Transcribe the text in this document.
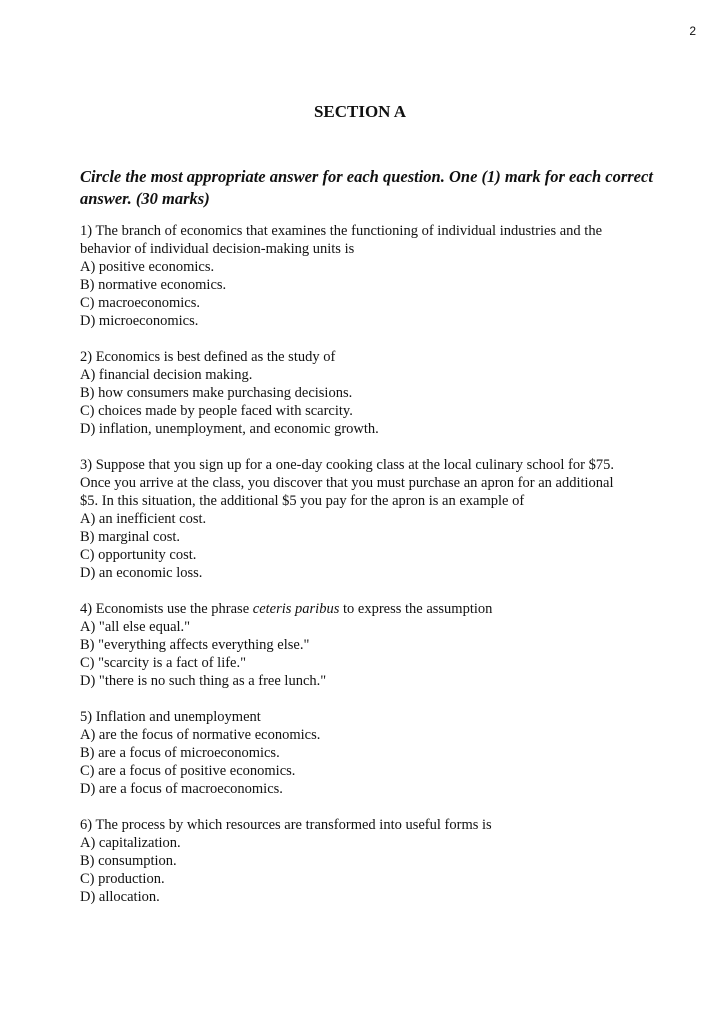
2
SECTION A
Circle the most appropriate answer for each question. One (1) mark for each correct answer. (30 marks)
1) The branch of economics that examines the functioning of individual industries and the
behavior of individual decision-making units is
A) positive economics.
B) normative economics.
C) macroeconomics.
D) microeconomics.
2) Economics is best defined as the study of
A) financial decision making.
B) how consumers make purchasing decisions.
C) choices made by people faced with scarcity.
D) inflation, unemployment, and economic growth.
3) Suppose that you sign up for a one-day cooking class at the local culinary school for $75.
Once you arrive at the class, you discover that you must purchase an apron for an additional
$5. In this situation, the additional $5 you pay for the apron is an example of
A) an inefficient cost.
B) marginal cost.
C) opportunity cost.
D) an economic loss.
4) Economists use the phrase ceteris paribus to express the assumption
A) "all else equal."
B) "everything affects everything else."
C) "scarcity is a fact of life."
D) "there is no such thing as a free lunch."
5) Inflation and unemployment
A) are the focus of normative economics.
B) are a focus of microeconomics.
C) are a focus of positive economics.
D) are a focus of macroeconomics.
6) The process by which resources are transformed into useful forms is
A) capitalization.
B) consumption.
C) production.
D) allocation.
